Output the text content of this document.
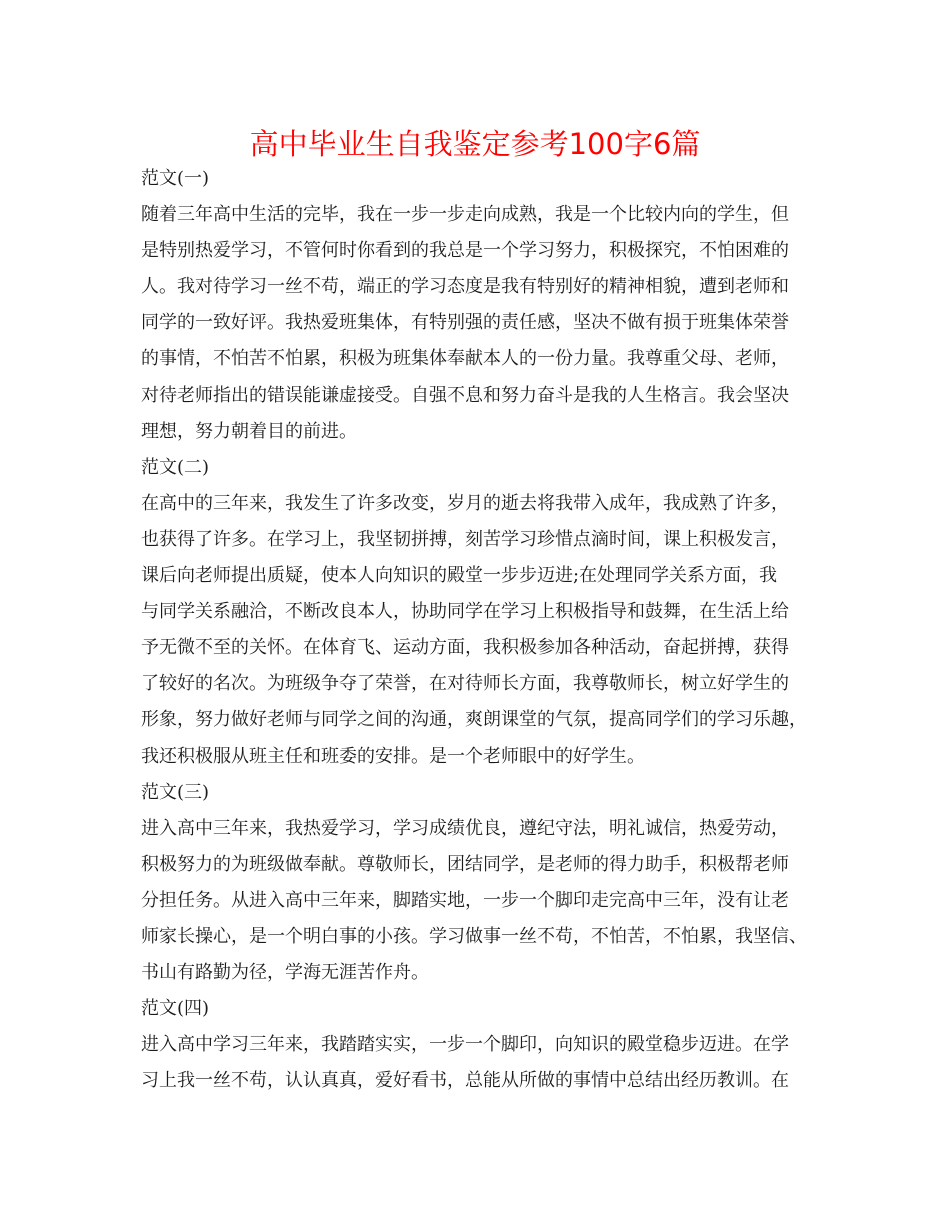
高中毕业生自我鉴定参考100字6篇
范文(一)
随着三年高中生活的完毕，我在一步一步走向成熟，我是一个比较内向的学生，但
是特别热爱学习，不管何时你看到的我总是一个学习努力，积极探究，不怕困难的
人。我对待学习一丝不苟，端正的学习态度是我有特别好的精神相貌，遭到老师和
同学的一致好评。我热爱班集体，有特别强的责任感，坚决不做有损于班集体荣誉
的事情，不怕苦不怕累，积极为班集体奉献本人的一份力量。我尊重父母、老师，
对待老师指出的错误能谦虚接受。自强不息和努力奋斗是我的人生格言。我会坚决
理想，努力朝着目的前进。
范文(二)
在高中的三年来，我发生了许多改变，岁月的逝去将我带入成年，我成熟了许多，
也获得了许多。在学习上，我坚韧拼搏，刻苦学习珍惜点滴时间，课上积极发言，
课后向老师提出质疑，使本人向知识的殿堂一步步迈进;在处理同学关系方面，我
与同学关系融洽，不断改良本人，协助同学在学习上积极指导和鼓舞，在生活上给
予无微不至的关怀。在体育飞、运动方面，我积极参加各种活动，奋起拼搏，获得
了较好的名次。为班级争夺了荣誉，在对待师长方面，我尊敬师长，树立好学生的
形象，努力做好老师与同学之间的沟通，爽朗课堂的气氛，提高同学们的学习乐趣，
我还积极服从班主任和班委的安排。是一个老师眼中的好学生。
范文(三)
进入高中三年来，我热爱学习，学习成绩优良，遵纪守法，明礼诚信，热爱劳动，
积极努力的为班级做奉献。尊敬师长，团结同学，是老师的得力助手，积极帮老师
分担任务。从进入高中三年来，脚踏实地，一步一个脚印走完高中三年，没有让老
师家长操心，是一个明白事的小孩。学习做事一丝不苟，不怕苦，不怕累，我坚信、
书山有路勤为径，学海无涯苦作舟。
范文(四)
进入高中学习三年来，我踏踏实实，一步一个脚印，向知识的殿堂稳步迈进。在学
习上我一丝不苟，认认真真，爱好看书，总能从所做的事情中总结出经历教训。在
